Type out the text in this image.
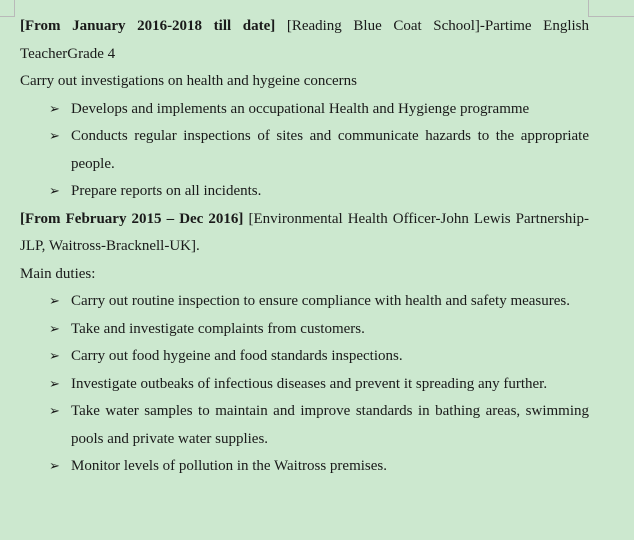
[From January 2016-2018 till date] [Reading Blue Coat School]-Partime English TeacherGrade 4

Carry out investigations on health and hygeine concerns

➢ Develops and implements an occupational Health and Hygienge programme
➢ Conducts regular inspections of sites and communicate hazards to the appropriate people.
➢ Prepare reports on all incidents.

[From February 2015 – Dec 2016] [Environmental Health Officer-John Lewis Partnership-JLP, Waitross-Bracknell-UK].

Main duties:

➢ Carry out routine inspection to ensure compliance with health and safety measures.
➢ Take and investigate complaints from customers.
➢ Carry out food hygeine and food standards inspections.
➢ Investigate outbeaks of infectious diseases and prevent it spreading any further.
➢ Take water samples to maintain and improve standards in bathing areas, swimming pools and private water supplies.
➢ Monitor levels of pollution in the Waitross premises.
